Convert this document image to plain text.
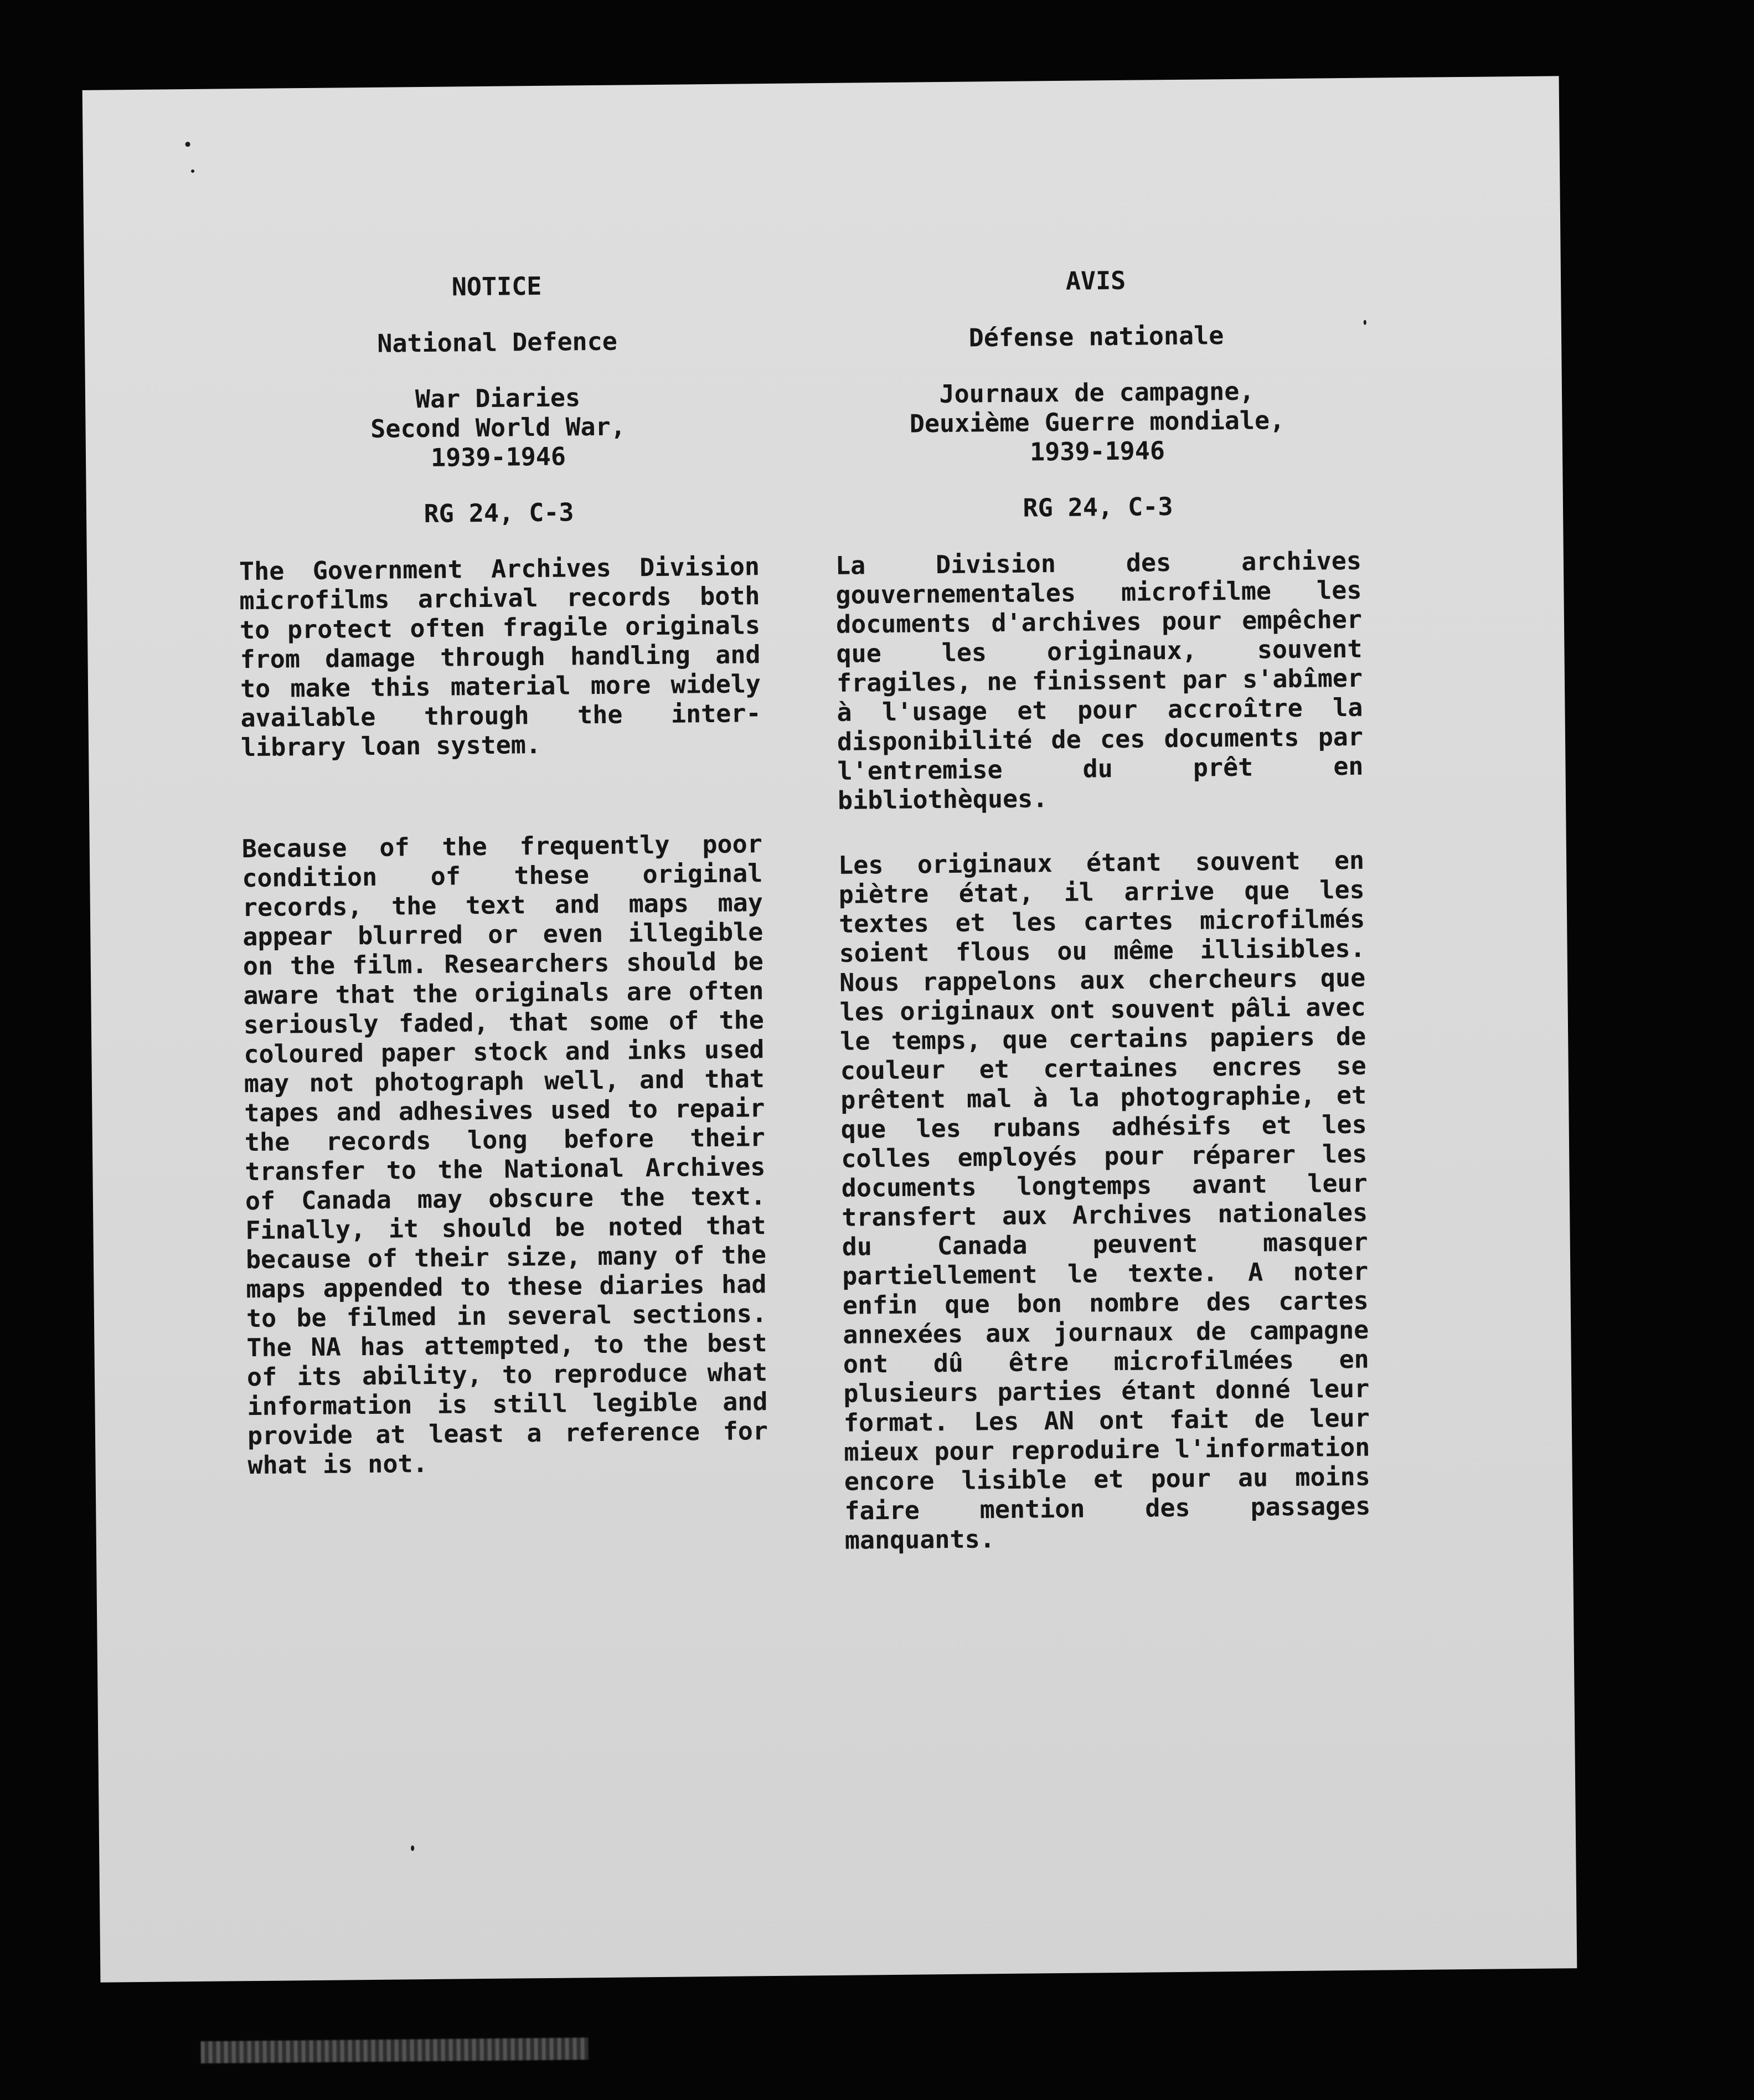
NOTICE

National Defence

War Diaries
Second World War,
1939-1946

RG 24, C-3

The Government Archives Division microfilms archival records both to protect often fragile originals from damage through handling and to make this material more widely available through the inter-library loan system.

Because of the frequently poor condition of these original records, the text and maps may appear blurred or even illegible on the film. Researchers should be aware that the originals are often seriously faded, that some of the coloured paper stock and inks used may not photograph well, and that tapes and adhesives used to repair the records long before their transfer to the National Archives of Canada may obscure the text. Finally, it should be noted that because of their size, many of the maps appended to these diaries had to be filmed in several sections. The NA has attempted, to the best of its ability, to reproduce what information is still legible and provide at least a reference for what is not.

AVIS

Défense nationale

Journaux de campagne,
Deuxième Guerre mondiale,
1939-1946

RG 24, C-3

La Division des archives gouvernementales microfilme les documents d'archives pour empêcher que les originaux, souvent fragiles, ne finissent par s'abîmer à l'usage et pour accroître la disponibilité de ces documents par l'entremise du prêt en bibliothèques.

Les originaux étant souvent en piètre état, il arrive que les textes et les cartes microfilmés soient flous ou même illisibles. Nous rappelons aux chercheurs que les originaux ont souvent pâli avec le temps, que certains papiers de couleur et certaines encres se prêtent mal à la photographie, et que les rubans adhésifs et les colles employés pour réparer les documents longtemps avant leur transfert aux Archives nationales du Canada peuvent masquer partiellement le texte. A noter enfin que bon nombre des cartes annexées aux journaux de campagne ont dû être microfilmées en plusieurs parties étant donné leur format. Les AN ont fait de leur mieux pour reproduire l'information encore lisible et pour au moins faire mention des passages manquants.
